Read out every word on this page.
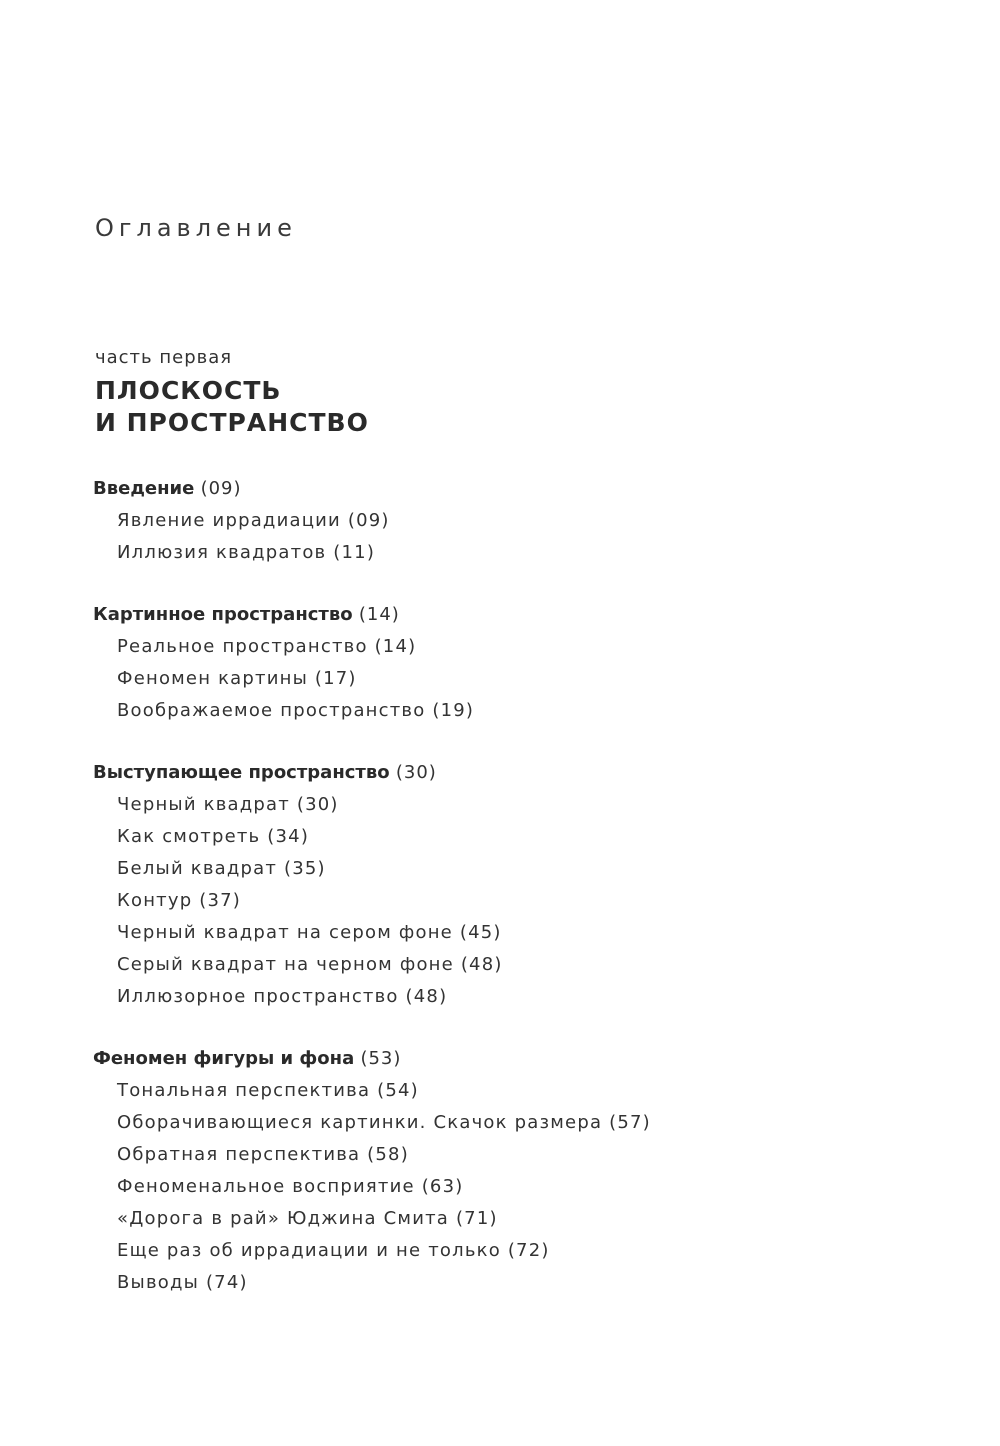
Оглавление
часть первая
ПЛОСКОСТЬ
И ПРОСТРАНСТВО
Введение (09)
Явление иррадиации (09)
Иллюзия квадратов (11)
Картинное пространство (14)
Реальное пространство (14)
Феномен картины (17)
Воображаемое пространство (19)
Выступающее пространство (30)
Черный квадрат (30)
Как смотреть (34)
Белый квадрат (35)
Контур (37)
Черный квадрат на сером фоне (45)
Серый квадрат на черном фоне (48)
Иллюзорное пространство (48)
Феномен фигуры и фона (53)
Тональная перспектива (54)
Оборачивающиеся картинки. Скачок размера (57)
Обратная перспектива (58)
Феноменальное восприятие (63)
«Дорога в рай» Юджина Смита (71)
Еще раз об иррадиации и не только (72)
Выводы (74)
